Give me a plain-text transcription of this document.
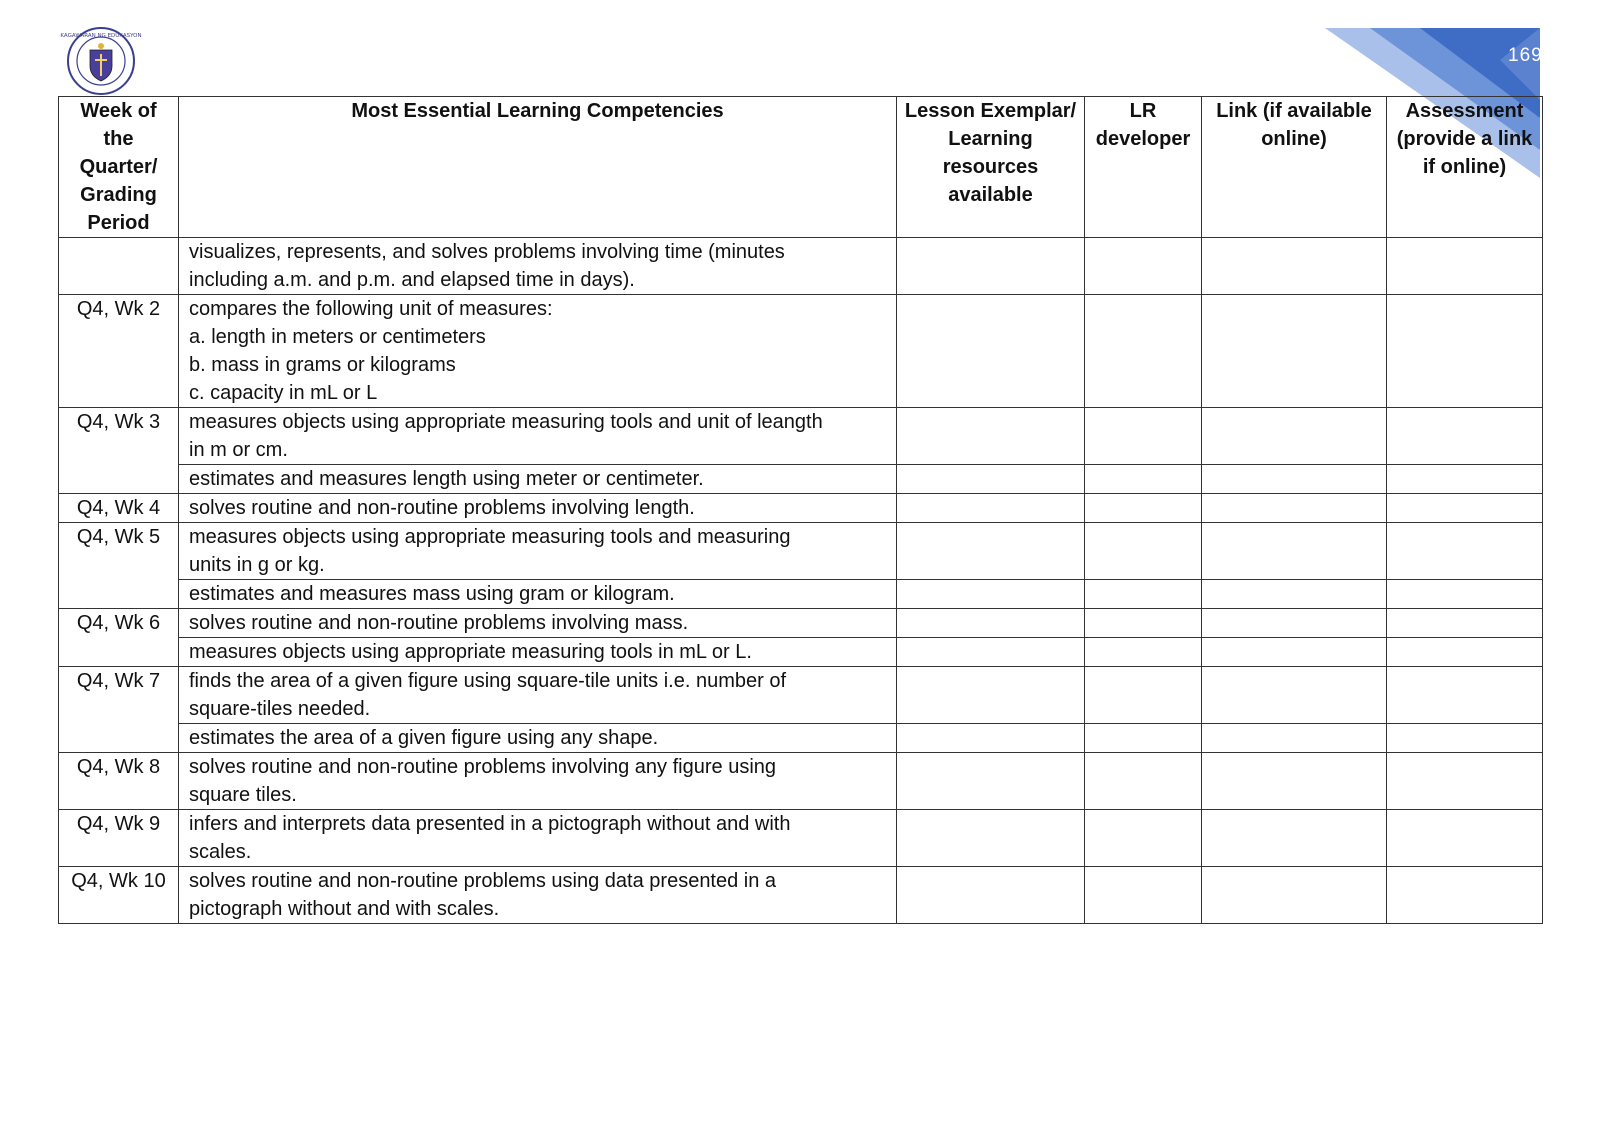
KAGAWARAN NG EDUKASYON
169
Week of the Quarter/ Grading Period	Most Essential Learning Competencies	Lesson Exemplar/ Learning resources available	LR developer	Link (if available online)	Assessment (provide a link if online)

	visualizes, represents, and solves problems involving time (minutes
including a.m. and p.m. and elapsed time in days).				

Q4, Wk 2	compares the following unit of measures:
a. length in meters or centimeters
b. mass in grams or kilograms
c. capacity in mL or L				

Q4, Wk 3	measures objects using appropriate measuring tools and unit of leangth
in m or cm.				

	estimates and measures length using meter or centimeter.				

Q4, Wk 4	solves routine and non-routine problems involving length.				

Q4, Wk 5	measures objects using appropriate measuring tools and measuring
units in g or kg.				

	estimates and measures mass using gram or kilogram.				

Q4, Wk 6	solves routine and non-routine problems involving mass.				

	measures objects using appropriate measuring tools in mL or L.				

Q4, Wk 7	finds the area of a given figure using square-tile units i.e. number of
square-tiles needed.				

	estimates the area of a given figure using any shape.				

Q4, Wk 8	solves routine and non-routine problems involving any figure using
square tiles.				

Q4, Wk 9	infers and interprets data presented in a pictograph without and with
scales.				

Q4, Wk 10	solves routine and non-routine problems using data presented in a
pictograph without and with scales.				
